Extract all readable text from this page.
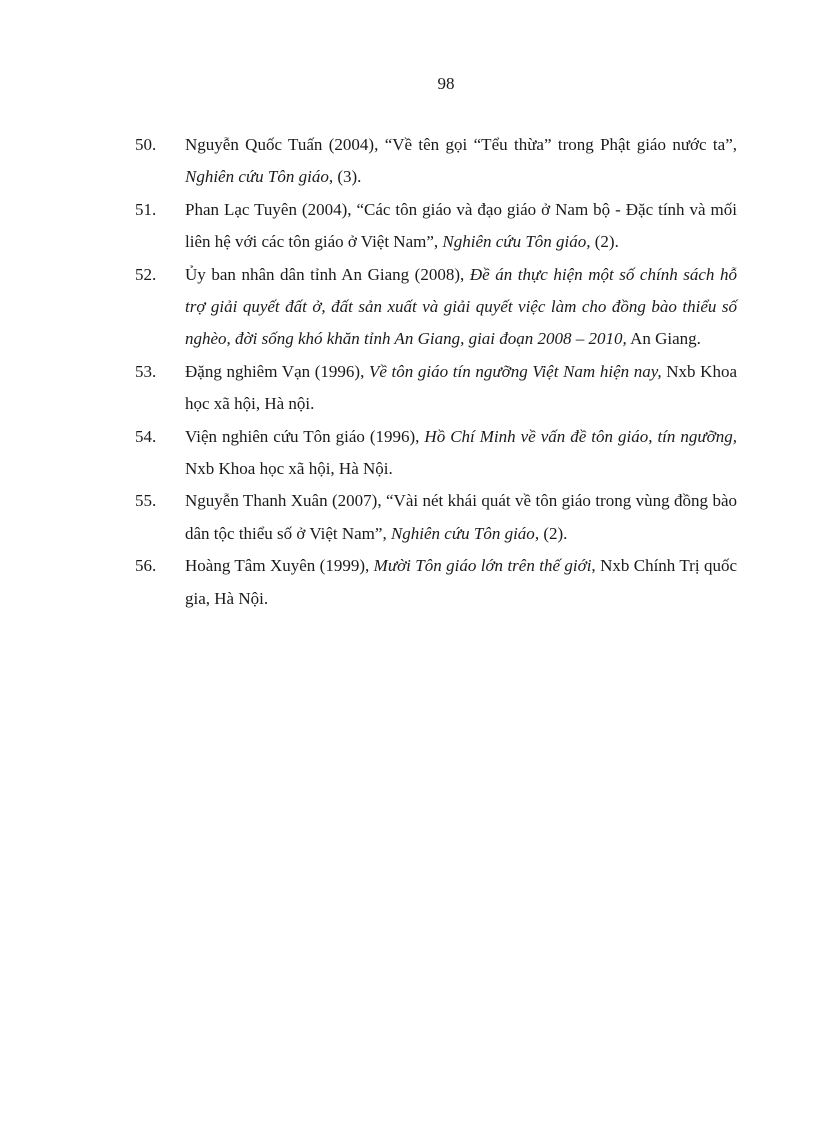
98
50.	Nguyễn Quốc Tuấn (2004), “Về tên gọi “Tểu thừa” trong Phật giáo nước ta”, Nghiên cứu Tôn giáo, (3).
51.	Phan Lạc Tuyên (2004), “Các tôn giáo và đạo giáo ở Nam bộ - Đặc tính và mối liên hệ với các tôn giáo ở Việt Nam”, Nghiên cứu Tôn giáo, (2).
52.	Ủy ban nhân dân tỉnh An Giang (2008), Đề án thực hiện một số chính sách hỗ trợ giải quyết đất ở, đất sản xuất và giải quyết việc làm cho đồng bào thiểu số nghèo, đời sống khó khăn tỉnh An Giang, giai đoạn 2008 – 2010, An Giang.
53.	Đặng nghiêm Vạn (1996), Về tôn giáo tín ngưỡng Việt Nam hiện nay, Nxb Khoa học xã hội, Hà nội.
54.	Viện nghiên cứu Tôn giáo (1996), Hồ Chí Minh về vấn đề tôn giáo, tín ngưỡng, Nxb Khoa học xã hội, Hà Nội.
55.	Nguyễn Thanh Xuân (2007), “Vài nét khái quát về tôn giáo trong vùng đồng bào dân tộc thiểu số ở Việt Nam”, Nghiên cứu Tôn giáo, (2).
56.	Hoàng Tâm Xuyên (1999), Mười Tôn giáo lớn trên thế giới, Nxb Chính Trị quốc gia, Hà Nội.
